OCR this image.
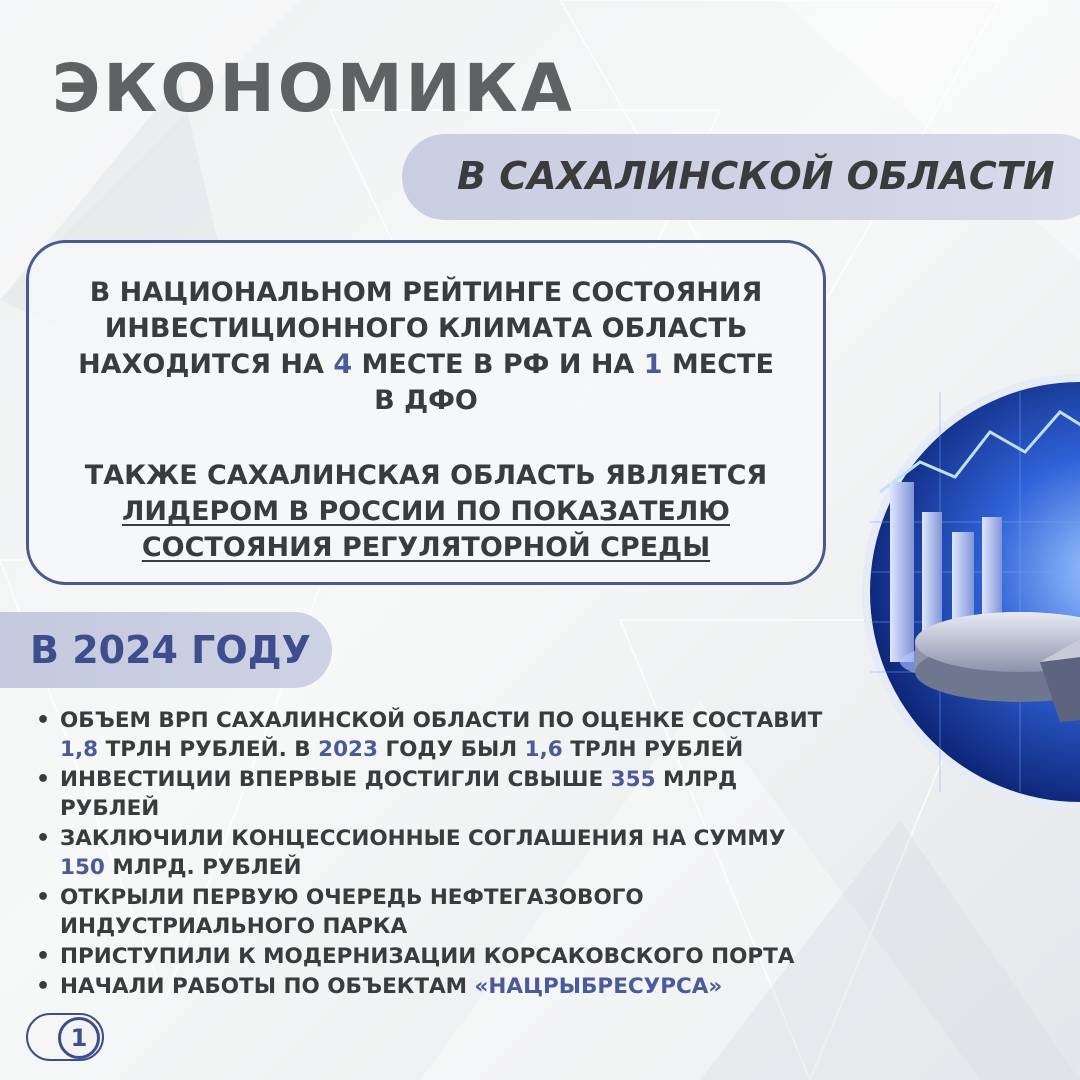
ЭКОНОМИКА
В САХАЛИНСКОЙ ОБЛАСТИ

В НАЦИОНАЛЬНОМ РЕЙТИНГЕ СОСТОЯНИЯ
ИНВЕСТИЦИОННОГО КЛИМАТА ОБЛАСТЬ
НАХОДИТСЯ НА 4 МЕСТЕ В РФ И НА 1 МЕСТЕ
В ДФО

ТАКЖЕ САХАЛИНСКАЯ ОБЛАСТЬ ЯВЛЯЕТСЯ
ЛИДЕРОМ В РОССИИ ПО ПОКАЗАТЕЛЮ
СОСТОЯНИЯ РЕГУЛЯТОРНОЙ СРЕДЫ

В 2024 ГОДУ
• ОБЪЕМ ВРП САХАЛИНСКОЙ ОБЛАСТИ ПО ОЦЕНКЕ СОСТАВИТ
1,8 ТРЛН РУБЛЕЙ. В 2023 ГОДУ БЫЛ 1,6 ТРЛН РУБЛЕЙ
• ИНВЕСТИЦИИ ВПЕРВЫЕ ДОСТИГЛИ СВЫШЕ 355 МЛРД
РУБЛЕЙ
• ЗАКЛЮЧИЛИ КОНЦЕССИОННЫЕ СОГЛАШЕНИЯ НА СУММУ
150 МЛРД. РУБЛЕЙ
• ОТКРЫЛИ ПЕРВУЮ ОЧЕРЕДЬ НЕФТЕГАЗОВОГО
ИНДУСТРИАЛЬНОГО ПАРКА
• ПРИСТУПИЛИ К МОДЕРНИЗАЦИИ КОРСАКОВСКОГО ПОРТА
• НАЧАЛИ РАБОТЫ ПО ОБЪЕКТАМ «НАЦРЫБРЕСУРСА»
1
